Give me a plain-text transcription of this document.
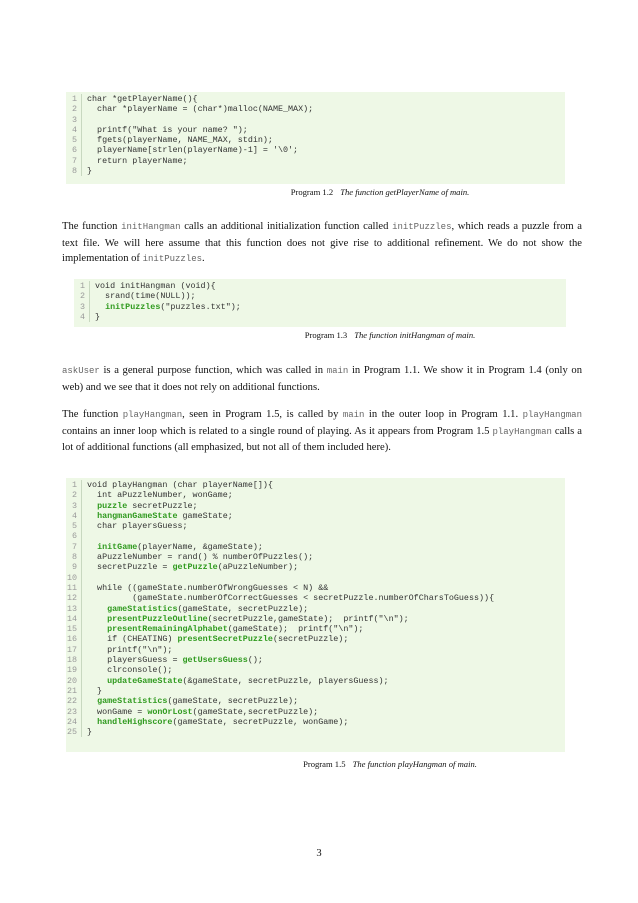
1	char *getPlayerName(){
2	char *playerName = (char*)malloc(NAME_MAX);
3
4	printf("What is your name? ");
5	fgets(playerName, NAME_MAX, stdin);
6	playerName[strlen(playerName)-1] = '\0';
7	return playerName;
8	}
Program 1.2 The function getPlayerName of main.
The function initHangman calls an additional initialization function called initPuzzles, which reads a puzzle from a text file. We will here assume that this function does not give rise to additional refinement. We do not show the implementation of initPuzzles.
1	void initHangman (void){
2	srand(time(NULL));
3	initPuzzles("puzzles.txt");
4	}
Program 1.3 The function initHangman of main.
askUser is a general purpose function, which was called in main in Program 1.1. We show it in Program 1.4 (only on web) and we see that it does not rely on additional functions.
The function playHangman, seen in Program 1.5, is called by main in the outer loop in Program 1.1. playHangman contains an inner loop which is related to a single round of playing. As it appears from Program 1.5 playHangman calls a lot of additional functions (all emphasized, but not all of them included here).
1	void playHangman (char playerName[]){
2	int aPuzzleNumber, wonGame;
3	puzzle secretPuzzle;
4	hangmanGameState gameState;
5	char playersGuess;
6
7	initGame(playerName, &gameState);
8	aPuzzleNumber = rand() % numberOfPuzzles();
9	secretPuzzle = getPuzzle(aPuzzleNumber);
10
11	while ((gameState.numberOfWrongGuesses < N) &&
12	(gameState.numberOfCorrectGuesses < secretPuzzle.numberOfCharsToGuess)){
13	gameStatistics(gameState, secretPuzzle);
14	presentPuzzleOutline(secretPuzzle,gameState);  printf("\n");
15	presentRemainingAlphabet(gameState);  printf("\n");
16	if (CHEATING) presentSecretPuzzle(secretPuzzle);
17	printf("\n");
18	playersGuess = getUsersGuess();
19	clrconsole();
20	updateGameState(&gameState, secretPuzzle, playersGuess);
21	}
22	gameStatistics(gameState, secretPuzzle);
23	wonGame = wonOrLost(gameState,secretPuzzle);
24	handleHighscore(gameState, secretPuzzle, wonGame);
25	}
Program 1.5 The function playHangman of main.
3
